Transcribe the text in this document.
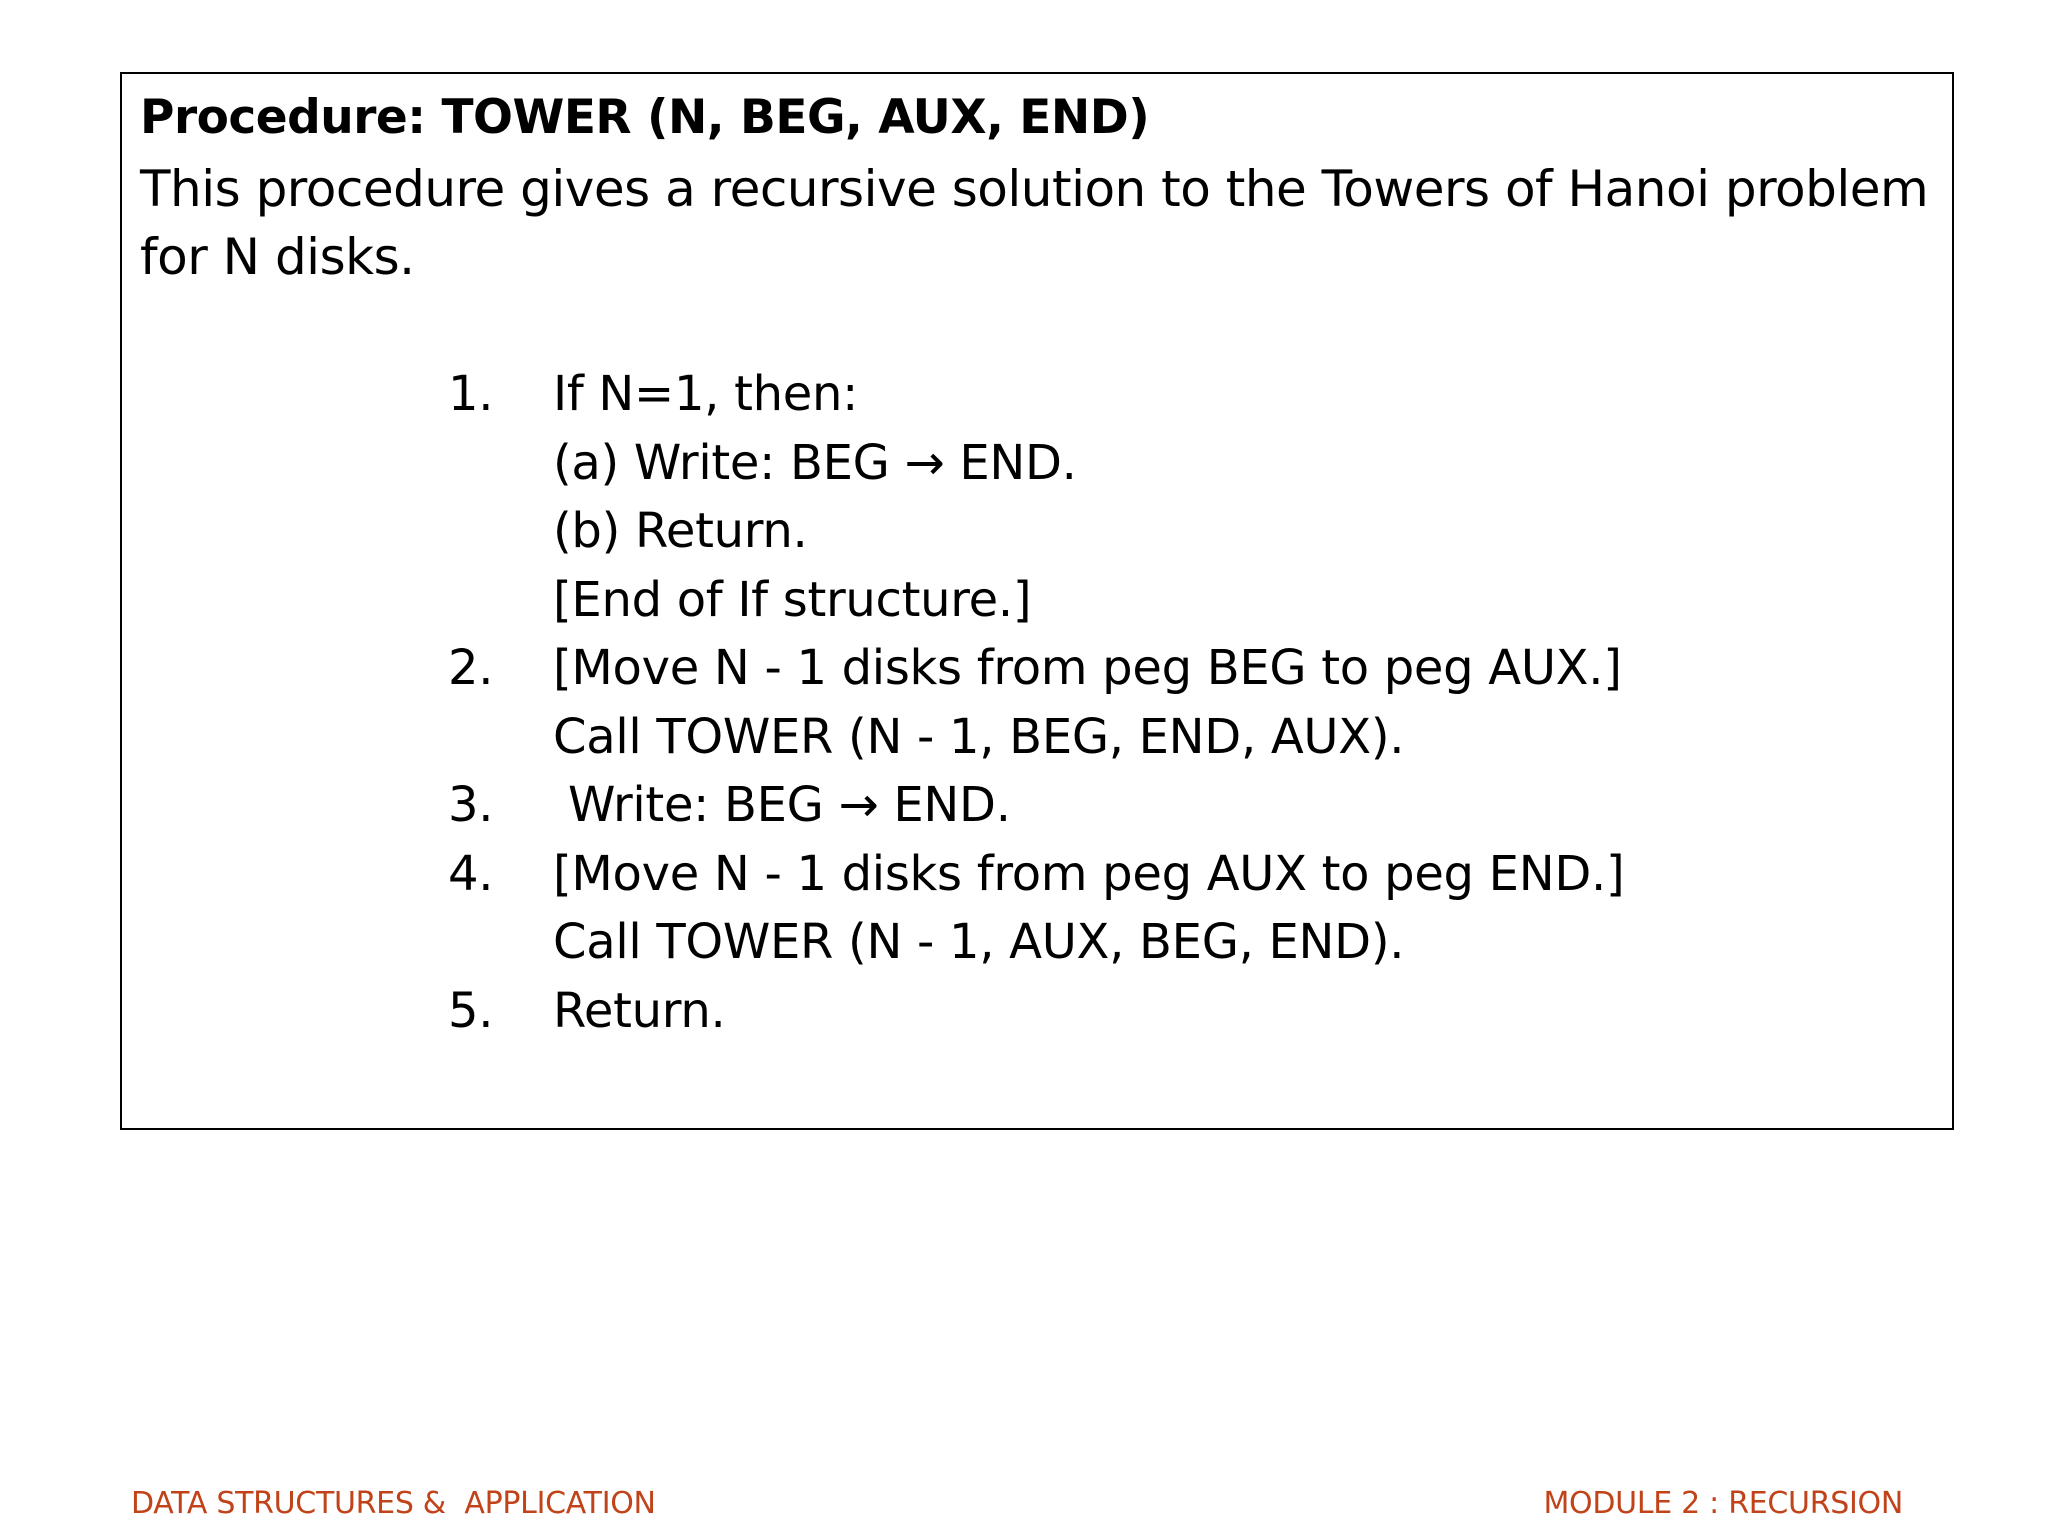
Procedure: TOWER (N, BEG, AUX, END)
This procedure gives a recursive solution to the Towers of Hanoi problem for N disks.
1. If N=1, then:
(a) Write: BEG → END.
(b) Return.
[End of If structure.]
2. [Move N - 1 disks from peg BEG to peg AUX.]
Call TOWER (N - 1, BEG, END, AUX).
3. Write: BEG → END.
4. [Move N - 1 disks from peg AUX to peg END.]
Call TOWER (N - 1, AUX, BEG, END).
5. Return.
DATA STRUCTURES &  APPLICATION	MODULE 2 : RECURSION
